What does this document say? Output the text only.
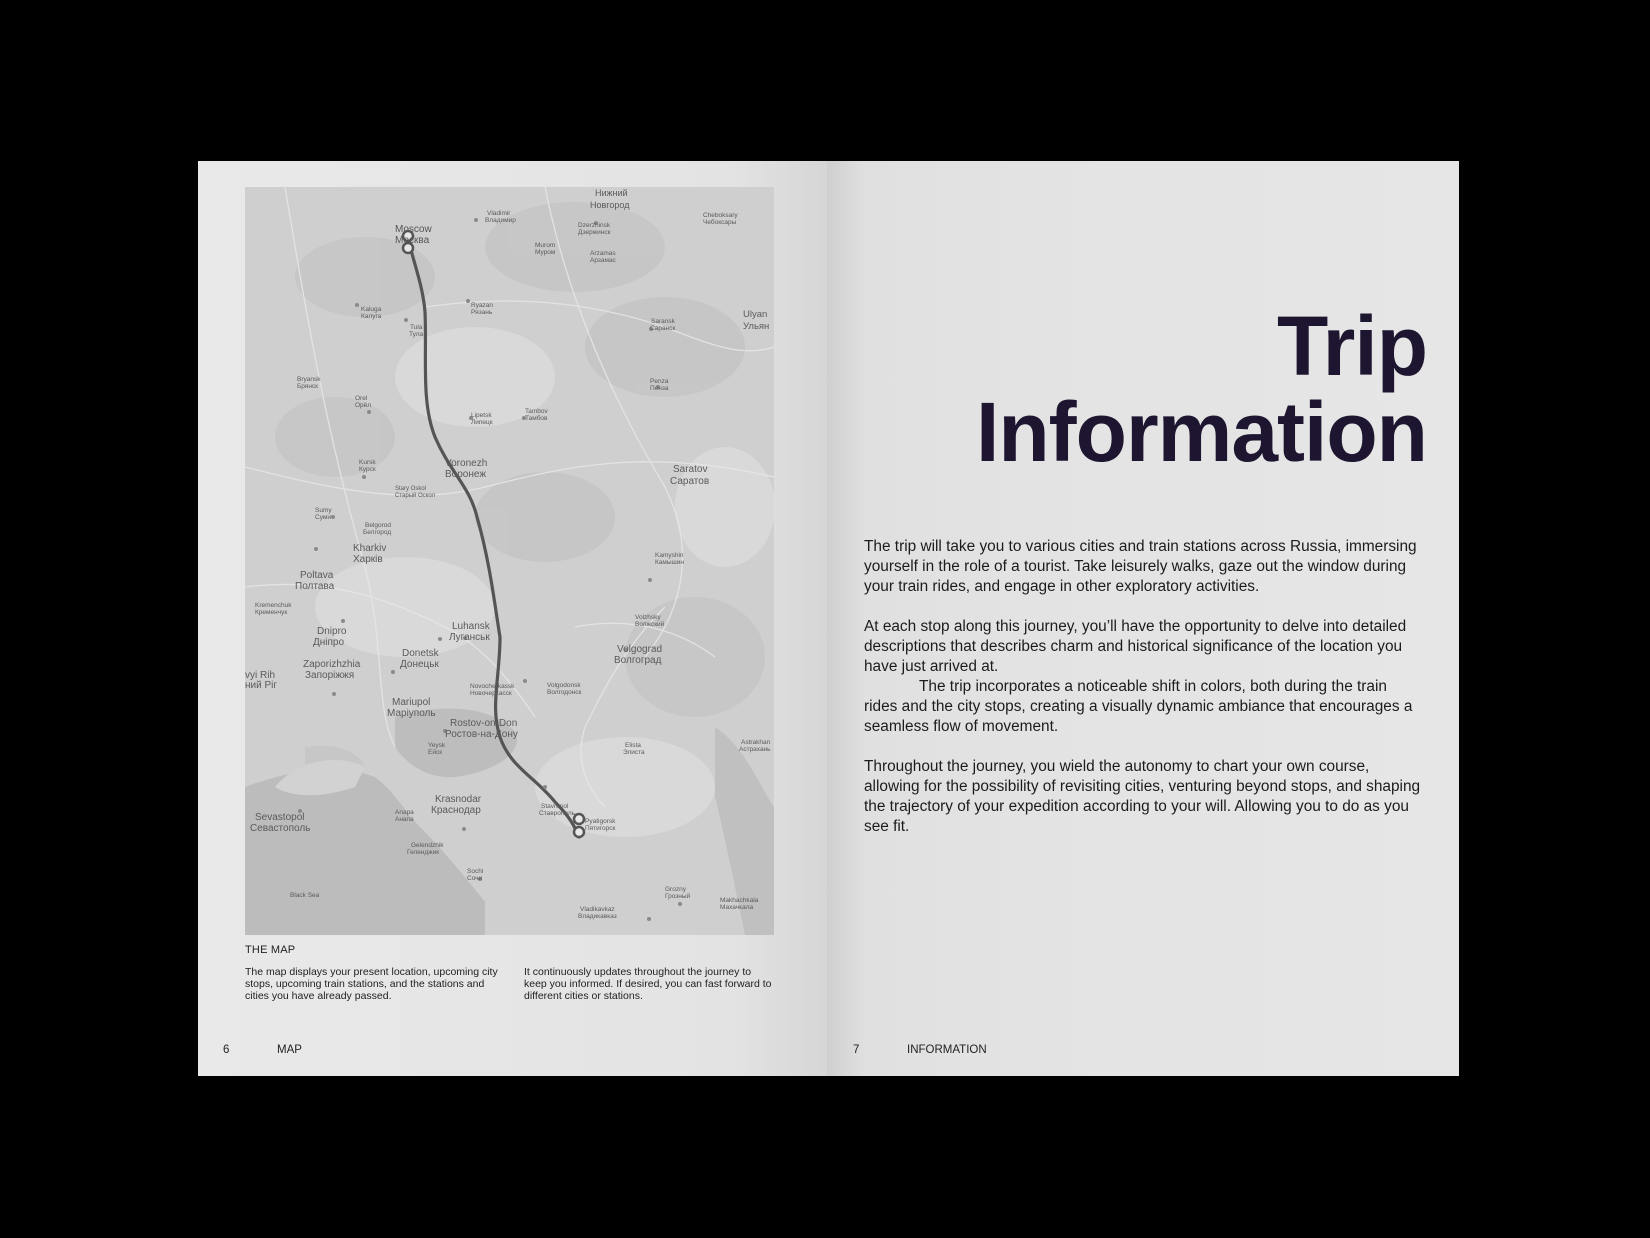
Moscow
Москва
Vladimir
Владимир
Нижний
Новгород
Dzerzhinsk
Дзержинск
Murom
Муром	Arzamas
Арзамас
Cheboksary
Чебоксары
Kaluga
Калуга
Tula
Тула
Ryazan
Рязань
Saransk
Саранск
Ulyan
Ульян
Bryansk
Брянск
Orel
Орёл
Lipetsk
Липецк
Tambov
Тамбов
Penza
Пенза
Kursk
Курск
Voronezh
Воронеж
Stary Oskol
Старый Оскол
Saratov
Саратов
Sumy
Суми
Belgorod
Белгород
Kharkiv
Харків
Poltava
Полтава
Kamyshin
Камышин
Kremenchuk
Кременчук
Volzhsky
Волжский
Dnipro
Дніпро
Luhansk
Луганськ
Volgograd
Волгоград
Zaporizhzhia
Запоріжжя
Donetsk
Донецьк
vyi Rih
ний Ріг	Novocherkassk
Новочеркасск
Volgodonsk
Волгодонск
Mariupol
Маріуполь
Rostov-on-Don
Ростов-на-Дону
Yeysk
Ейск
Elista
Элиста
Astrakhan
Астрахань
Krasnodar
Краснодар
Anapa
Анапа
Stavropol
Ставрополь
Sevastopol
Севастополь
Gelendzhik
Геленджик
Pyatigorsk
Пятигорск
Sochi
Сочи
Grozny
Грозный
Makhachkala
Махачкала
Vladikavkaz
Владикавказ
Black Sea
THE MAP
The map displays your present location, upcoming city stops, upcoming train stations, and the stations and cities you have already passed.
It continuously updates throughout the journey to keep you informed. If desired, you can fast forward to different cities or stations.
6	MAP
Trip
Information

The trip will take you to various cities and train stations across Russia, immersing yourself in the role of a tourist. Take leisurely walks, gaze out the window during your train rides, and engage in other exploratory activities.

At each stop along this journey, you’ll have the opportunity to delve into detailed descriptions that describes charm and historical significance of the location you have just arrived at.

The trip incorporates a noticeable shift in colors, both during the train rides and the city stops, creating a visually dynamic ambiance that encourages a seamless flow of movement.

Throughout the journey, you wield the autonomy to chart your own course, allowing for the possibility of revisiting cities, venturing beyond stops, and shaping the trajectory of your expedition according to your will. Allowing you to do as you see fit.

7	INFORMATION
